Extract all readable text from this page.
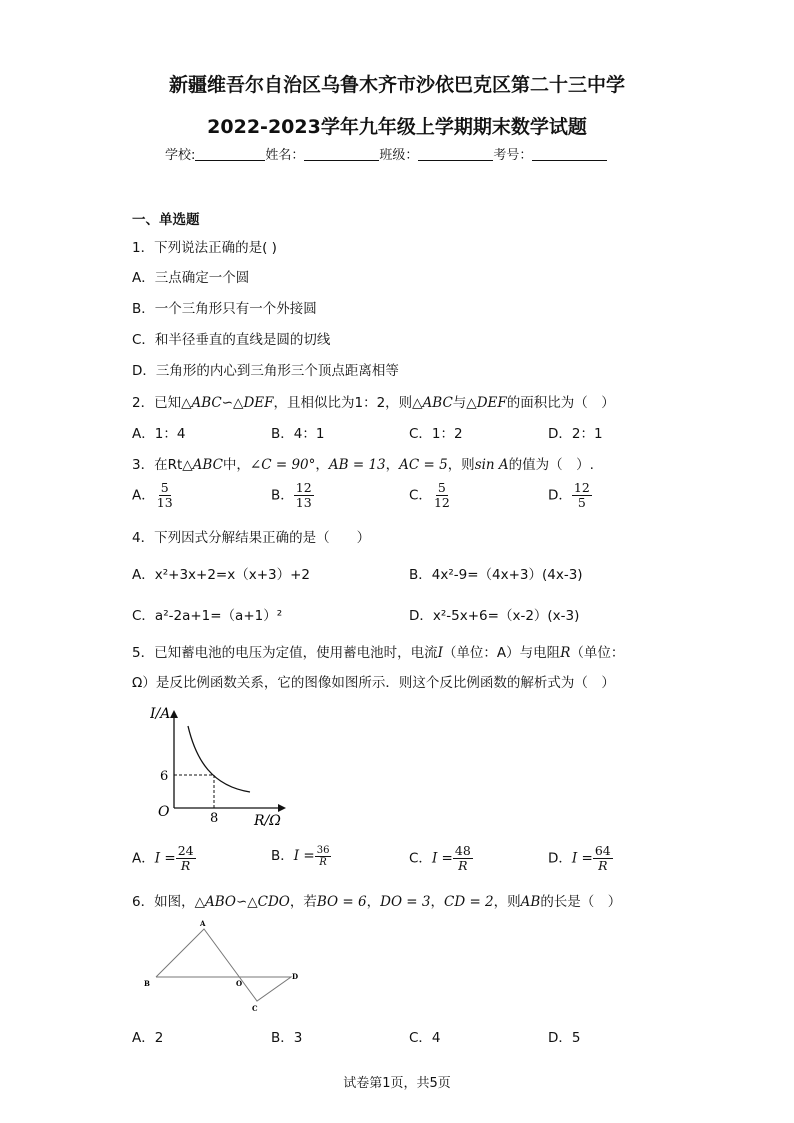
新疆维吾尔自治区乌鲁木齐市沙依巴克区第二十三中学
2022-2023学年九年级上学期期末数学试题
学校:	姓名：	班级：	考号：
一、单选题
1．下列说法正确的是( )
A．三点确定一个圆
B．一个三角形只有一个外接圆
C．和半径垂直的直线是圆的切线
D．三角形的内心到三角形三个顶点距离相等
2．已知△ABC∽△DEF，且相似比为1：2，则△ABC与△DEF的面积比为（　）
A．1：4	B．4：1	C．1：2	D．2：1
3．在Rt△ABC中，∠C = 90°，AB = 13，AC = 5，则sin A的值为（　）.
A． $\frac{5}{13}$	B． $\frac{12}{13}$	C． $\frac{5}{12}$	D． $\frac{12}{5}$
4．下列因式分解结果正确的是（　　）
A．x²+3x+2=x（x+3）+2	B．4x²-9=（4x+3）(4x-3)
C．a²-2a+1=（a+1）²	D．x²-5x+6=（x-2）(x-3)
5．已知蓄电池的电压为定值，使用蓄电池时，电流I（单位：A）与电阻R（单位：
Ω）是反比例函数关系，它的图像如图所示．则这个反比例函数的解析式为（　）
I/A
O
6
8	R/Ω
A．$I = \frac{24}{R}$	B．$I = \frac{36}{R}$	C．$I = \frac{48}{R}$	D．$I = \frac{64}{R}$
6．如图，△ABO∽△CDO，若BO = 6，DO = 3，CD = 2，则AB的长是（　）
A
B	O
C
D
A．2	B．3	C．4	D．5
试卷第1页，共5页
